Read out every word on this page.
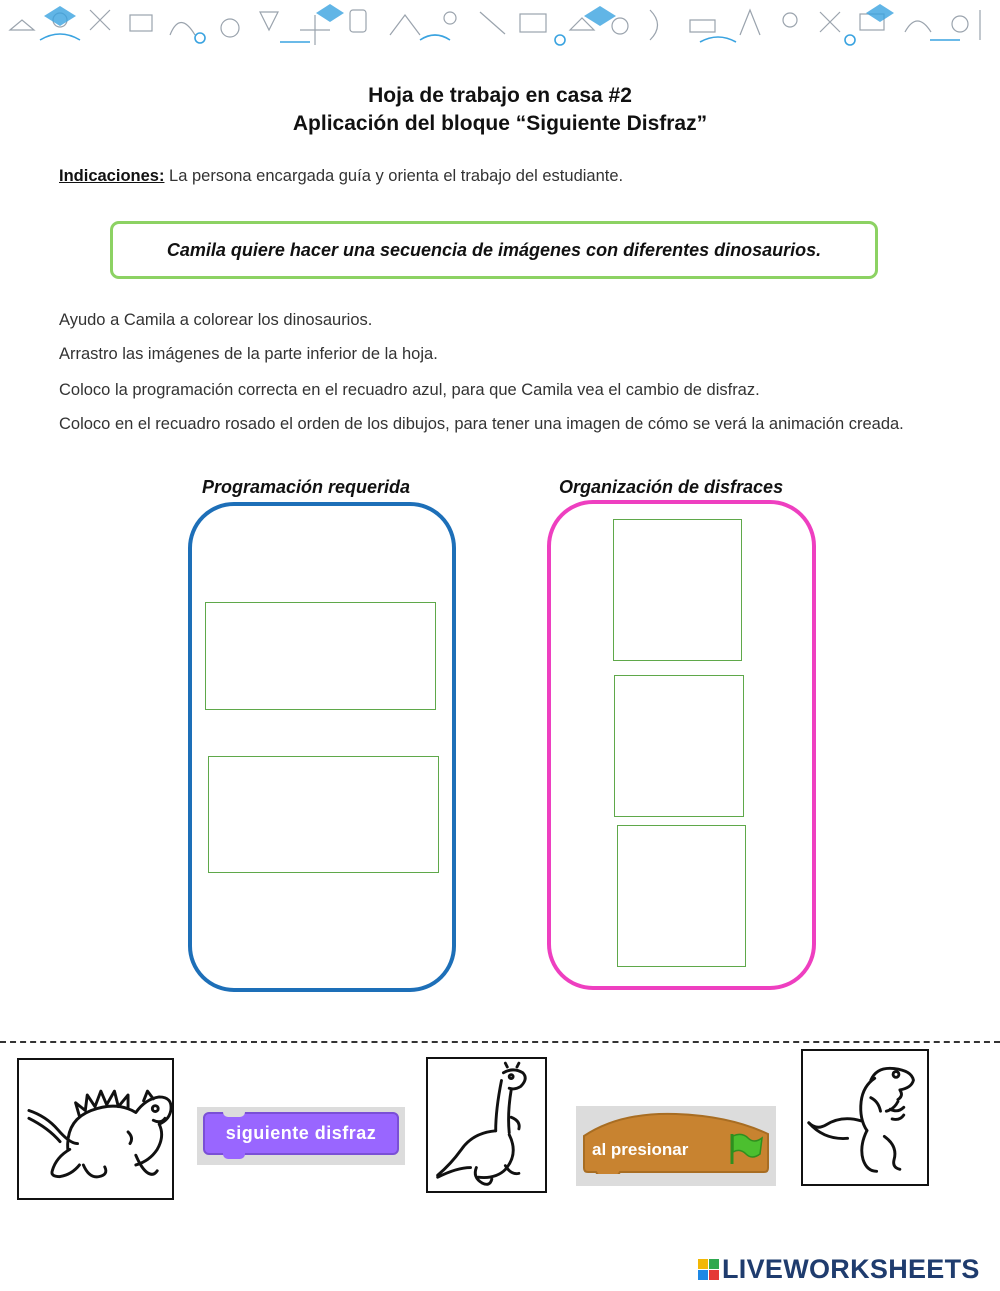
Hoja de trabajo en casa #2
Aplicación del bloque “Siguiente Disfraz”
Indicaciones: La persona encargada guía y orienta el trabajo del estudiante.
Camila quiere hacer una secuencia de imágenes con diferentes dinosaurios.
Ayudo a Camila a colorear los dinosaurios.
Arrastro las imágenes de la parte inferior de la hoja.
Coloco la programación correcta en el recuadro azul, para que Camila vea el cambio de disfraz.
Coloco en el recuadro rosado el orden de los dibujos, para tener una imagen de cómo se verá la animación creada.
Programación requerida	Organización de disfraces
siguiente disfraz
al presionar
LIVEWORKSHEETS
